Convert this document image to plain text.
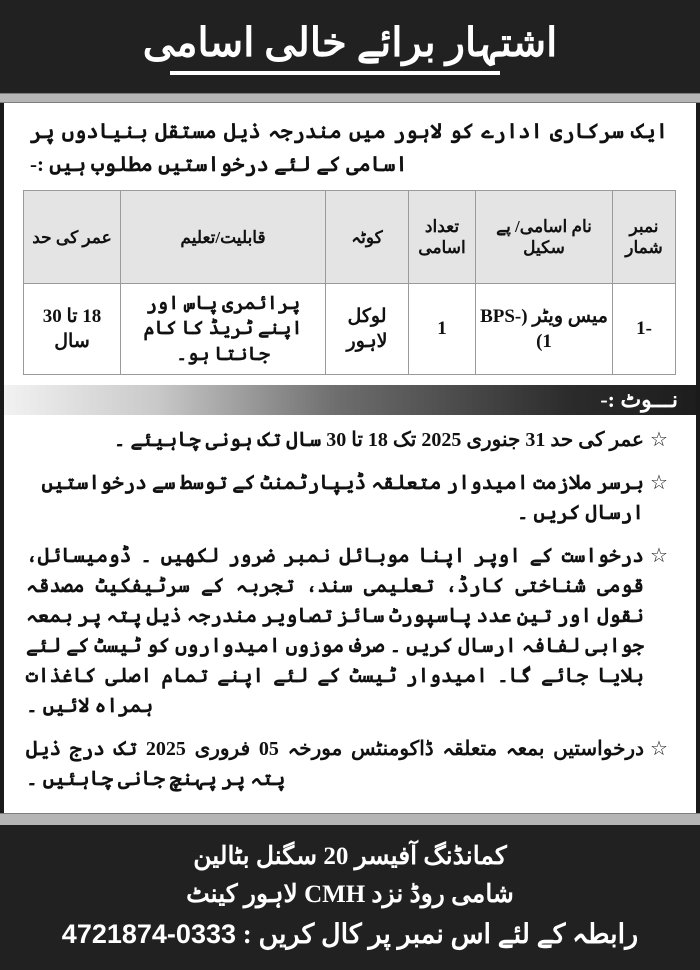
اشتہار برائے خالی اسامی
ایک سرکاری ادارے کو لاہور میں مندرجہ ذیل مستقل بنیادوں پر اسامی کے لئے درخواستیں مطلوب ہیں :-
نمبر شمار	نام اسامی/ پے سکیل	تعداد اسامی	کوٹہ	قابلیت/تعلیم	عمر کی حد
-1	میس ویٹر (BPS-1)	1	لوکل لاہور	پرائمری پاس اور اپنے ٹریڈ کا کام جانتا ہو۔	18 تا 30 سال
نـــوٹ :-
☆
عمر کی حد 31 جنوری 2025 تک 18 تا 30 سال تک ہونی چاہیئے ۔
☆
برسر ملازمت امیدوار متعلقہ ڈیپارٹمنٹ کے توسط سے درخواستیں ارسال کریں ۔
☆
درخواست کے اوپر اپنا موبائل نمبر ضرور لکھیں ۔ ڈومیسائل، قومی شناختی کارڈ، تعلیمی سند، تجربہ کے سرٹیفکیٹ مصدقہ نقول اور تین عدد پاسپورٹ سائز تصاویر مندرجہ ذیل پتہ پر بمعہ جوابی لفافہ ارسال کریں ۔ صرف موزوں امیدواروں کو ٹیسٹ کے لئے بلایا جائے گا۔ امیدوار ٹیسٹ کے لئے اپنے تمام اصلی کاغذات ہمراہ لائیں ۔
☆
درخواستیں بمعہ متعلقہ ڈاکومنٹس مورخہ 05 فروری 2025 تک درج ذیل پتہ پر پہنچ جانی چاہئیں ۔
کمانڈنگ آفیسر 20 سگنل بٹالین
شامی روڈ نزد CMH لاہور کینٹ
رابطہ کے لئے اس نمبر پر کال کریں : 0333-4721874
